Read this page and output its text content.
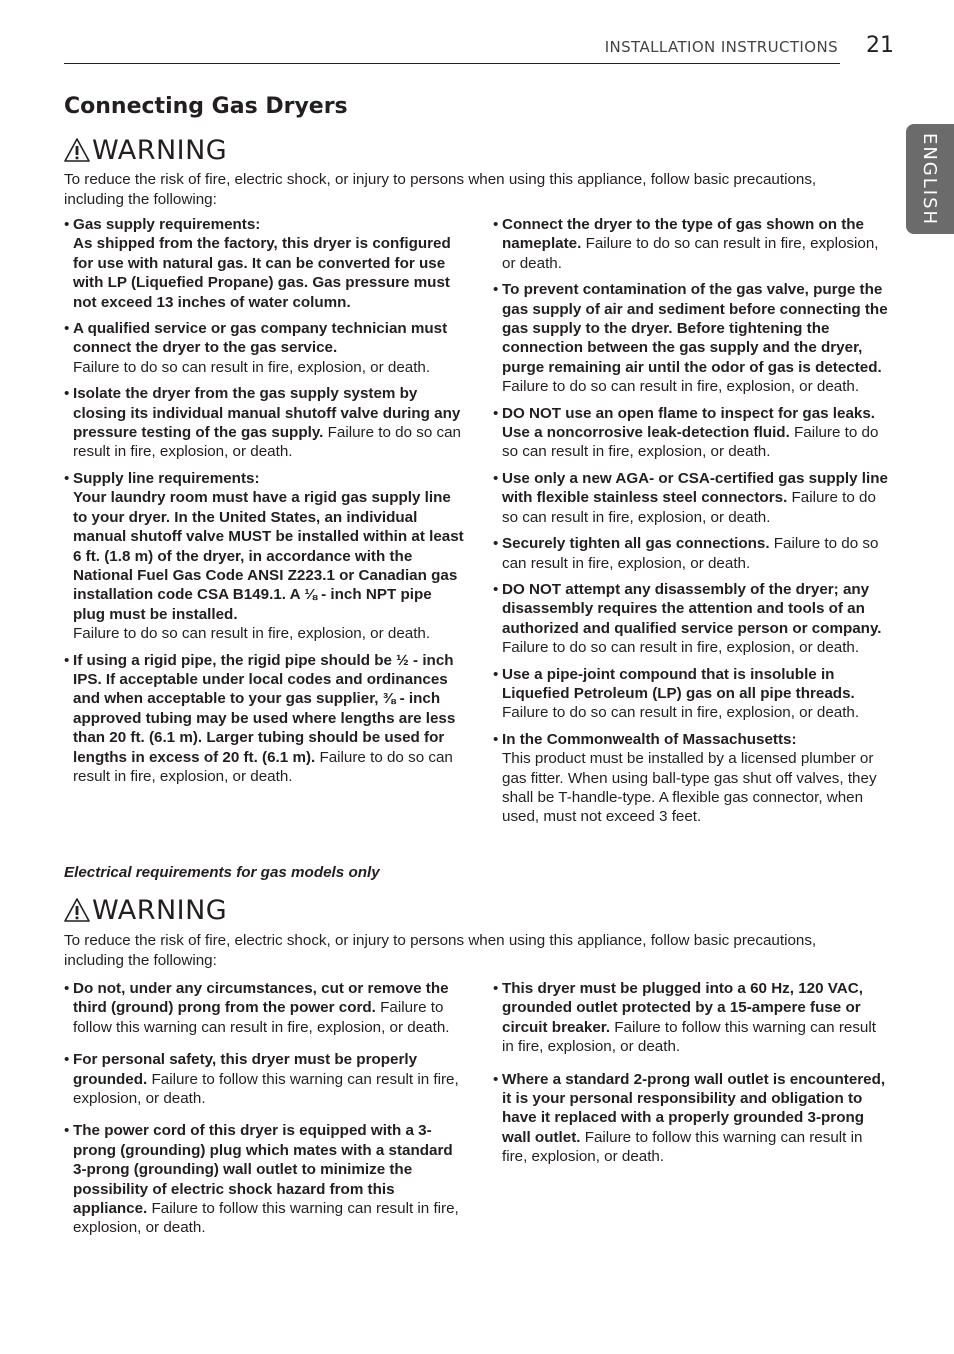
INSTALLATION INSTRUCTIONS 21
ENGLISH
Connecting Gas Dryers
WARNING

To reduce the risk of fire, electric shock, or injury to persons when using this appliance, follow basic precautions, including the following:

• Gas supply requirements:
As shipped from the factory, this dryer is configured for use with natural gas. It can be converted for use with LP (Liquefied Propane) gas. Gas pressure must not exceed 13 inches of water column.
• A qualified service or gas company technician must connect the dryer to the gas service.
Failure to do so can result in fire, explosion, or death.
• Isolate the dryer from the gas supply system by closing its individual manual shutoff valve during any pressure testing of the gas supply. Failure to do so can result in fire, explosion, or death.
• Supply line requirements:
Your laundry room must have a rigid gas supply line to your dryer. In the United States, an individual manual shutoff valve MUST be installed within at least 6 ft. (1.8 m) of the dryer, in accordance with the National Fuel Gas Code ANSI Z223.1 or Canadian gas installation code CSA B149.1. A ⅛ - inch NPT pipe plug must be installed.
Failure to do so can result in fire, explosion, or death.
• If using a rigid pipe, the rigid pipe should be ½ - inch IPS. If acceptable under local codes and ordinances and when acceptable to your gas supplier, ⅜ - inch approved tubing may be used where lengths are less than 20 ft. (6.1 m). Larger tubing should be used for lengths in excess of 20 ft. (6.1 m). Failure to do so can result in fire, explosion, or death.
• Connect the dryer to the type of gas shown on the nameplate. Failure to do so can result in fire, explosion, or death.
• To prevent contamination of the gas valve, purge the gas supply of air and sediment before connecting the gas supply to the dryer. Before tightening the connection between the gas supply and the dryer, purge remaining air until the odor of gas is detected. Failure to do so can result in fire, explosion, or death.
• DO NOT use an open flame to inspect for gas leaks. Use a noncorrosive leak-detection fluid. Failure to do so can result in fire, explosion, or death.
• Use only a new AGA- or CSA-certified gas supply line with flexible stainless steel connectors. Failure to do so can result in fire, explosion, or death.
• Securely tighten all gas connections. Failure to do so can result in fire, explosion, or death.
• DO NOT attempt any disassembly of the dryer; any disassembly requires the attention and tools of an authorized and qualified service person or company. Failure to do so can result in fire, explosion, or death.
• Use a pipe-joint compound that is insoluble in Liquefied Petroleum (LP) gas on all pipe threads.
Failure to do so can result in fire, explosion, or death.
• In the Commonwealth of Massachusetts:
This product must be installed by a licensed plumber or gas fitter. When using ball-type gas shut off valves, they shall be T-handle-type. A flexible gas connector, when used, must not exceed 3 feet.

Electrical requirements for gas models only

WARNING

To reduce the risk of fire, electric shock, or injury to persons when using this appliance, follow basic precautions, including the following:

• Do not, under any circumstances, cut or remove the third (ground) prong from the power cord. Failure to follow this warning can result in fire, explosion, or death.
• For personal safety, this dryer must be properly grounded. Failure to follow this warning can result in fire, explosion, or death.
• The power cord of this dryer is equipped with a 3-prong (grounding) plug which mates with a standard 3-prong (grounding) wall outlet to minimize the possibility of electric shock hazard from this appliance. Failure to follow this warning can result in fire, explosion, or death.
• This dryer must be plugged into a 60 Hz, 120 VAC, grounded outlet protected by a 15-ampere fuse or circuit breaker. Failure to follow this warning can result in fire, explosion, or death.
• Where a standard 2-prong wall outlet is encountered, it is your personal responsibility and obligation to have it replaced with a properly grounded 3-prong wall outlet. Failure to follow this warning can result in fire, explosion, or death.
